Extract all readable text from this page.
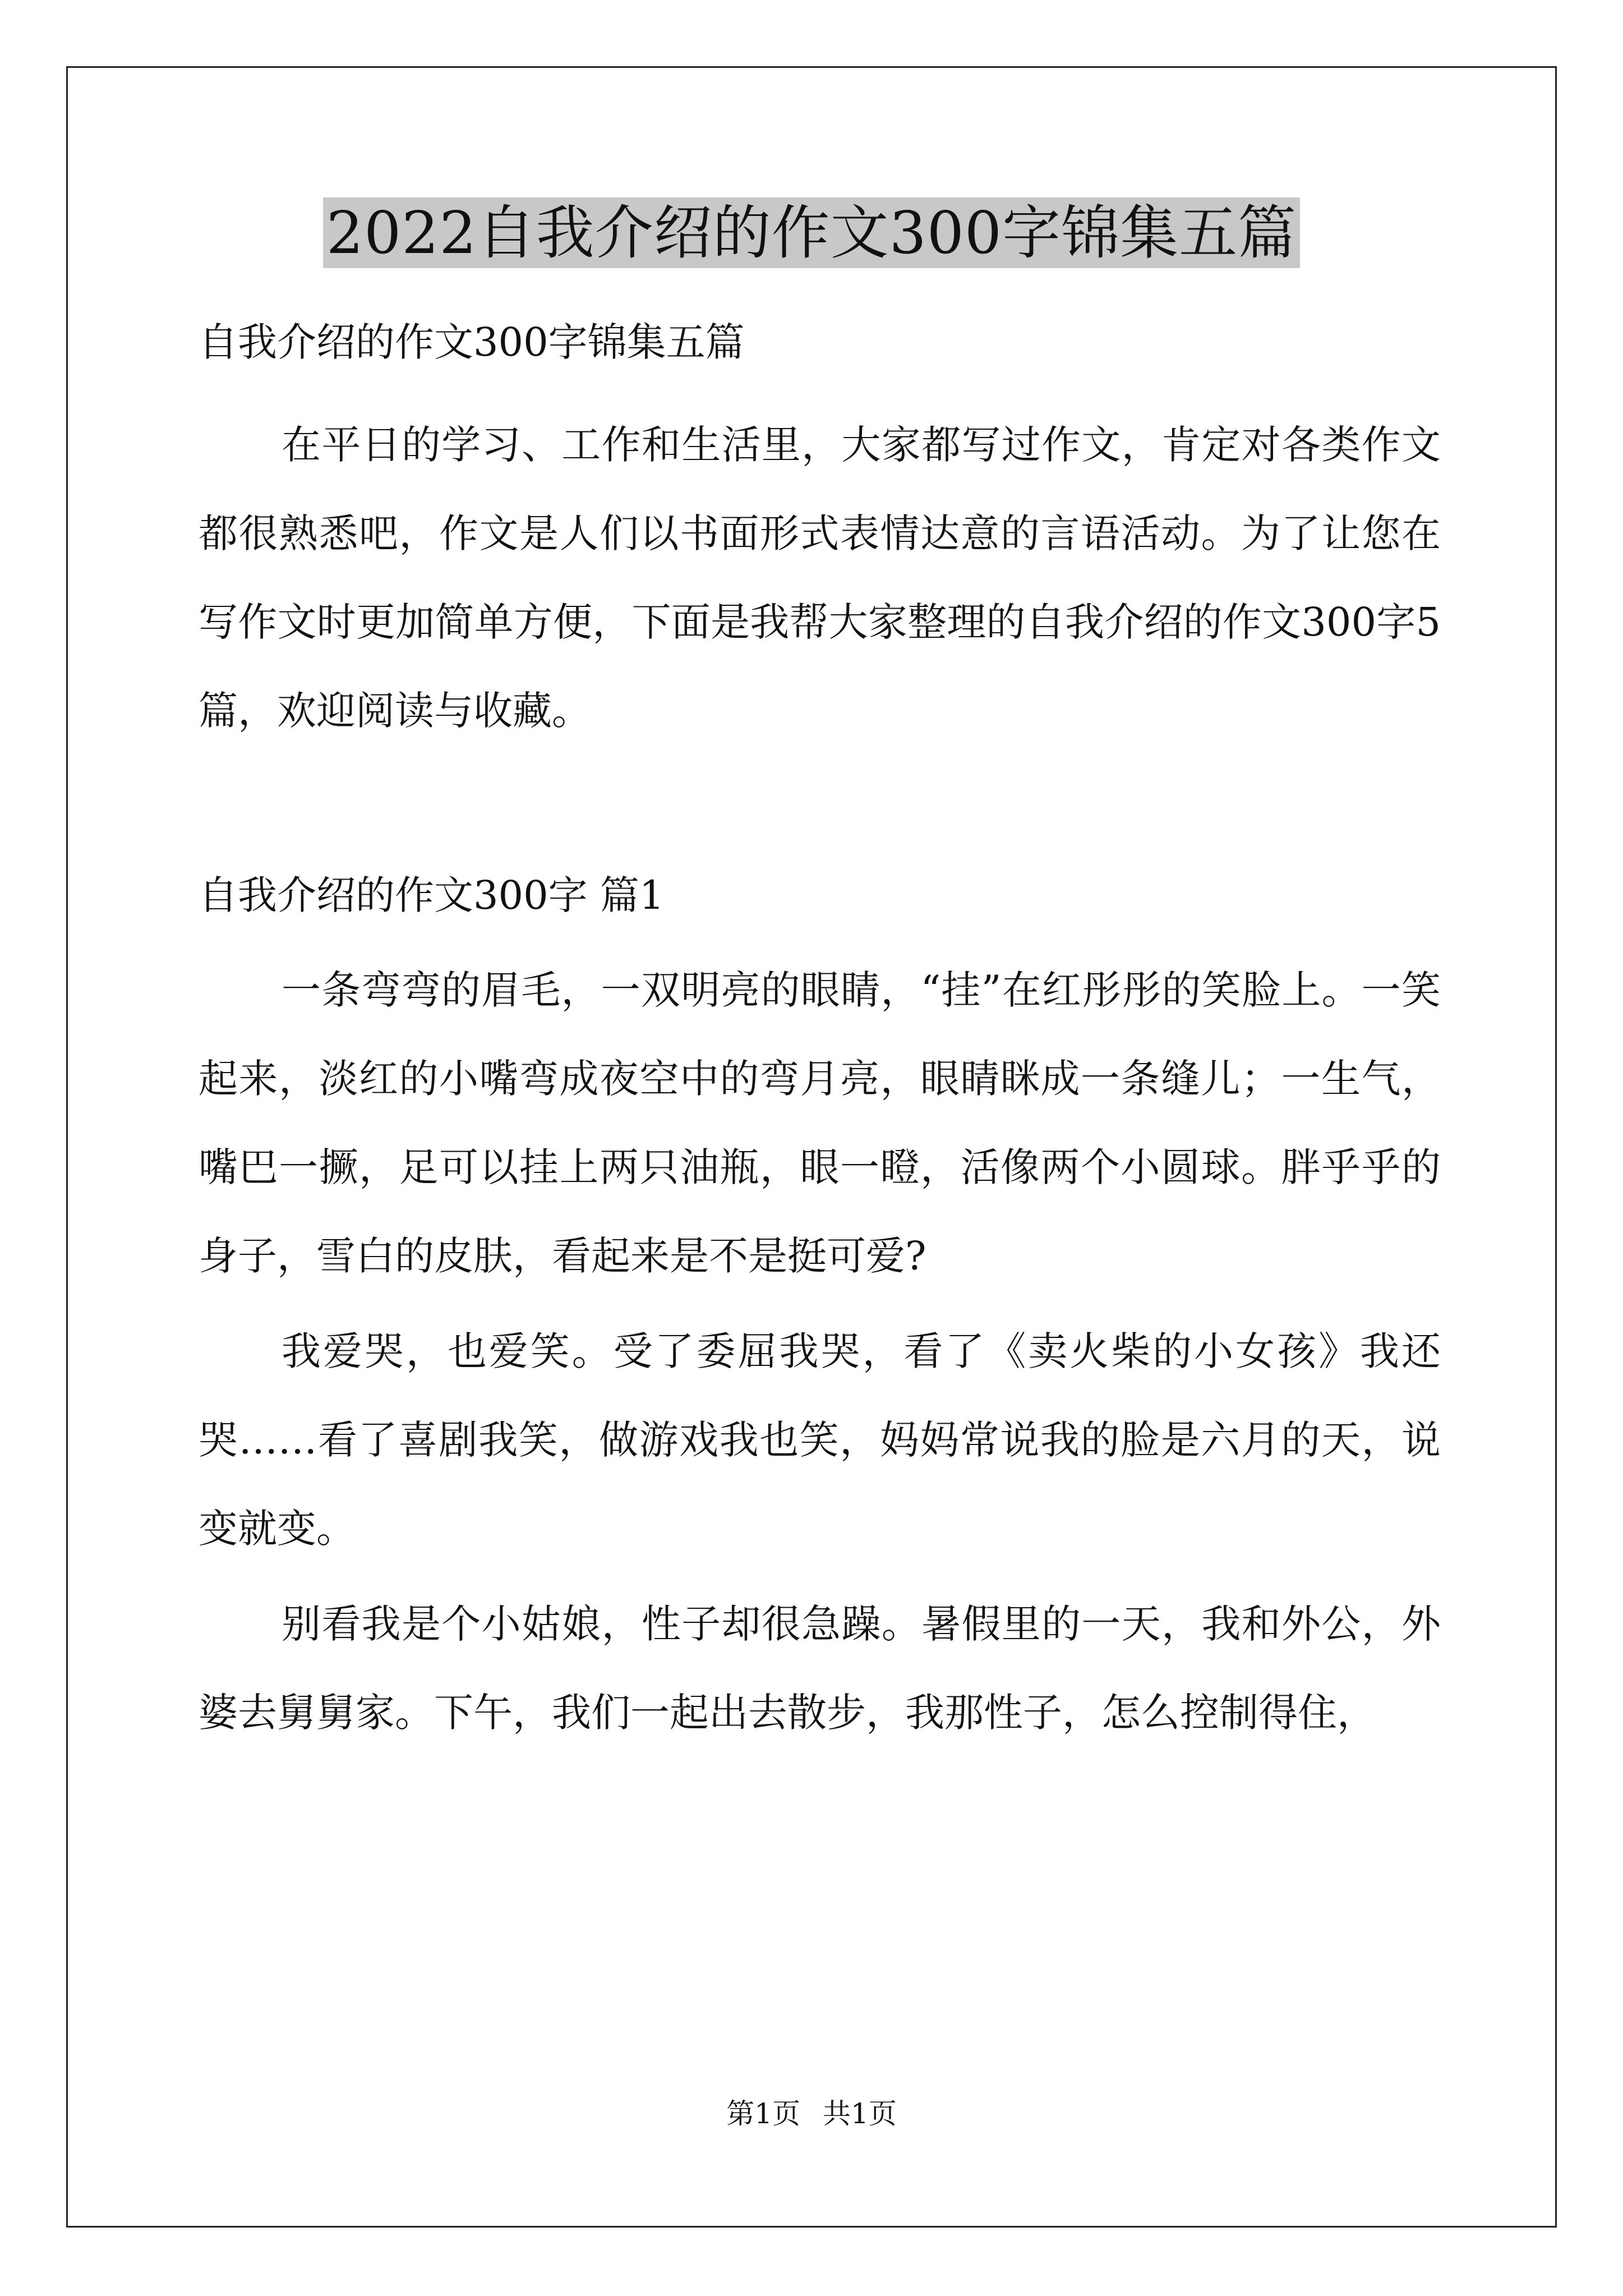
2022自我介绍的作文300字锦集五篇
自我介绍的作文300字锦集五篇

在平日的学习、工作和生活里，大家都写过作文，肯定对各类作文都很熟悉吧，作文是人们以书面形式表情达意的言语活动。为了让您在写作文时更加简单方便，下面是我帮大家整理的自我介绍的作文300字5篇，欢迎阅读与收藏。

自我介绍的作文300字 篇1

一条弯弯的眉毛，一双明亮的眼睛，“挂”在红彤彤的笑脸上。一笑起来，淡红的小嘴弯成夜空中的弯月亮，眼睛眯成一条缝儿；一生气，嘴巴一撅，足可以挂上两只油瓶，眼一瞪，活像两个小圆球。胖乎乎的身子，雪白的皮肤，看起来是不是挺可爱?

我爱哭，也爱笑。受了委屈我哭，看了《卖火柴的小女孩》我还哭……看了喜剧我笑，做游戏我也笑，妈妈常说我的脸是六月的天，说变就变。

别看我是个小姑娘，性子却很急躁。暑假里的一天，我和外公，外婆去舅舅家。下午，我们一起出去散步，我那性子，怎么控制得住，

第1页 共1页
